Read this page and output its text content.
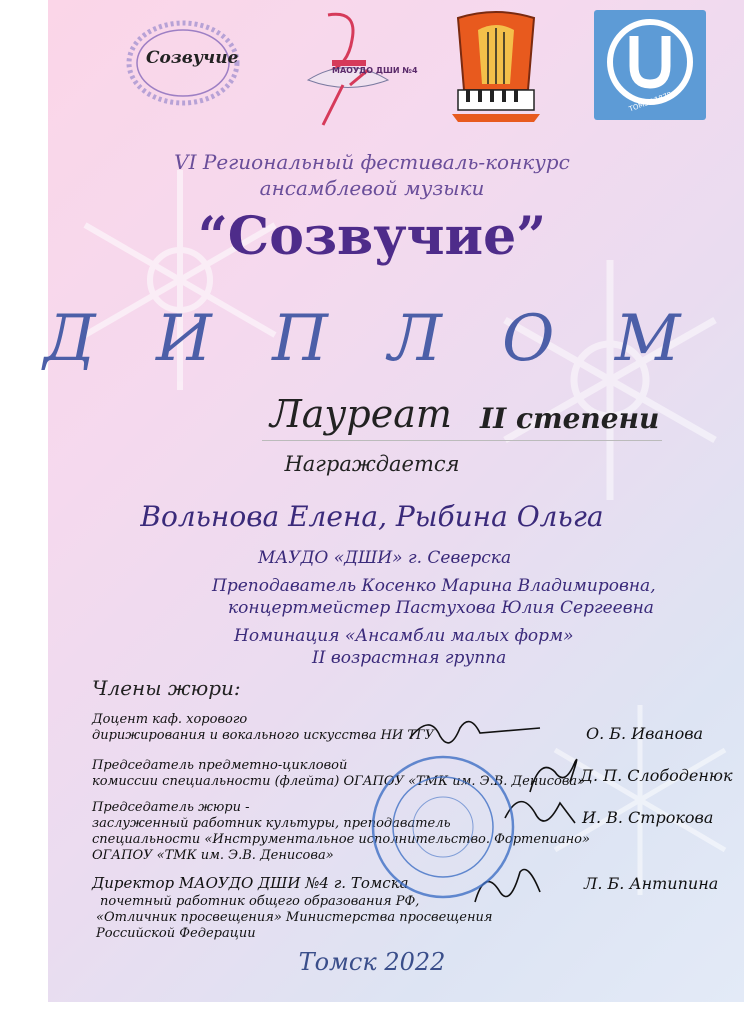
Созвучие
МАОУДО ДШИ №4
ТОМSK 1878
VI Региональный фестиваль-конкурс
ансамблевой музыки
“Созвучие”
Д И П Л О М
Лауреат II степени
Награждается
Вольнова Елена, Рыбина Ольга
МАУДО «ДШИ» г. Северска
Преподаватель Косенко Марина Владимировна,
концертмейстер Пастухова Юлия Сергеевна
Номинация «Ансамбли малых форм»
II возрастная группа
Члены жюри:
Доцент каф. хорового
дирижирования и вокального искусства НИ ТГУ	О. Б. Иванова
Председатель предметно-цикловой
комиссии специальности (флейта) ОГАПОУ «ТМК им. Э.В. Денисова»
Д. П. Слободенюк
Председатель жюри -
заслуженный работник культуры, преподаватель
специальности «Инструментальное исполнительство. Фортепиано»
ОГАПОУ «ТМК им. Э.В. Денисова»
И. В. Строкова
Директор МАОУДО ДШИ №4 г. Томска
почетный работник общего образования РФ,
«Отличник просвещения» Министерства просвещения
Российской Федерации
Л. Б. Антипина
Томск 2022
